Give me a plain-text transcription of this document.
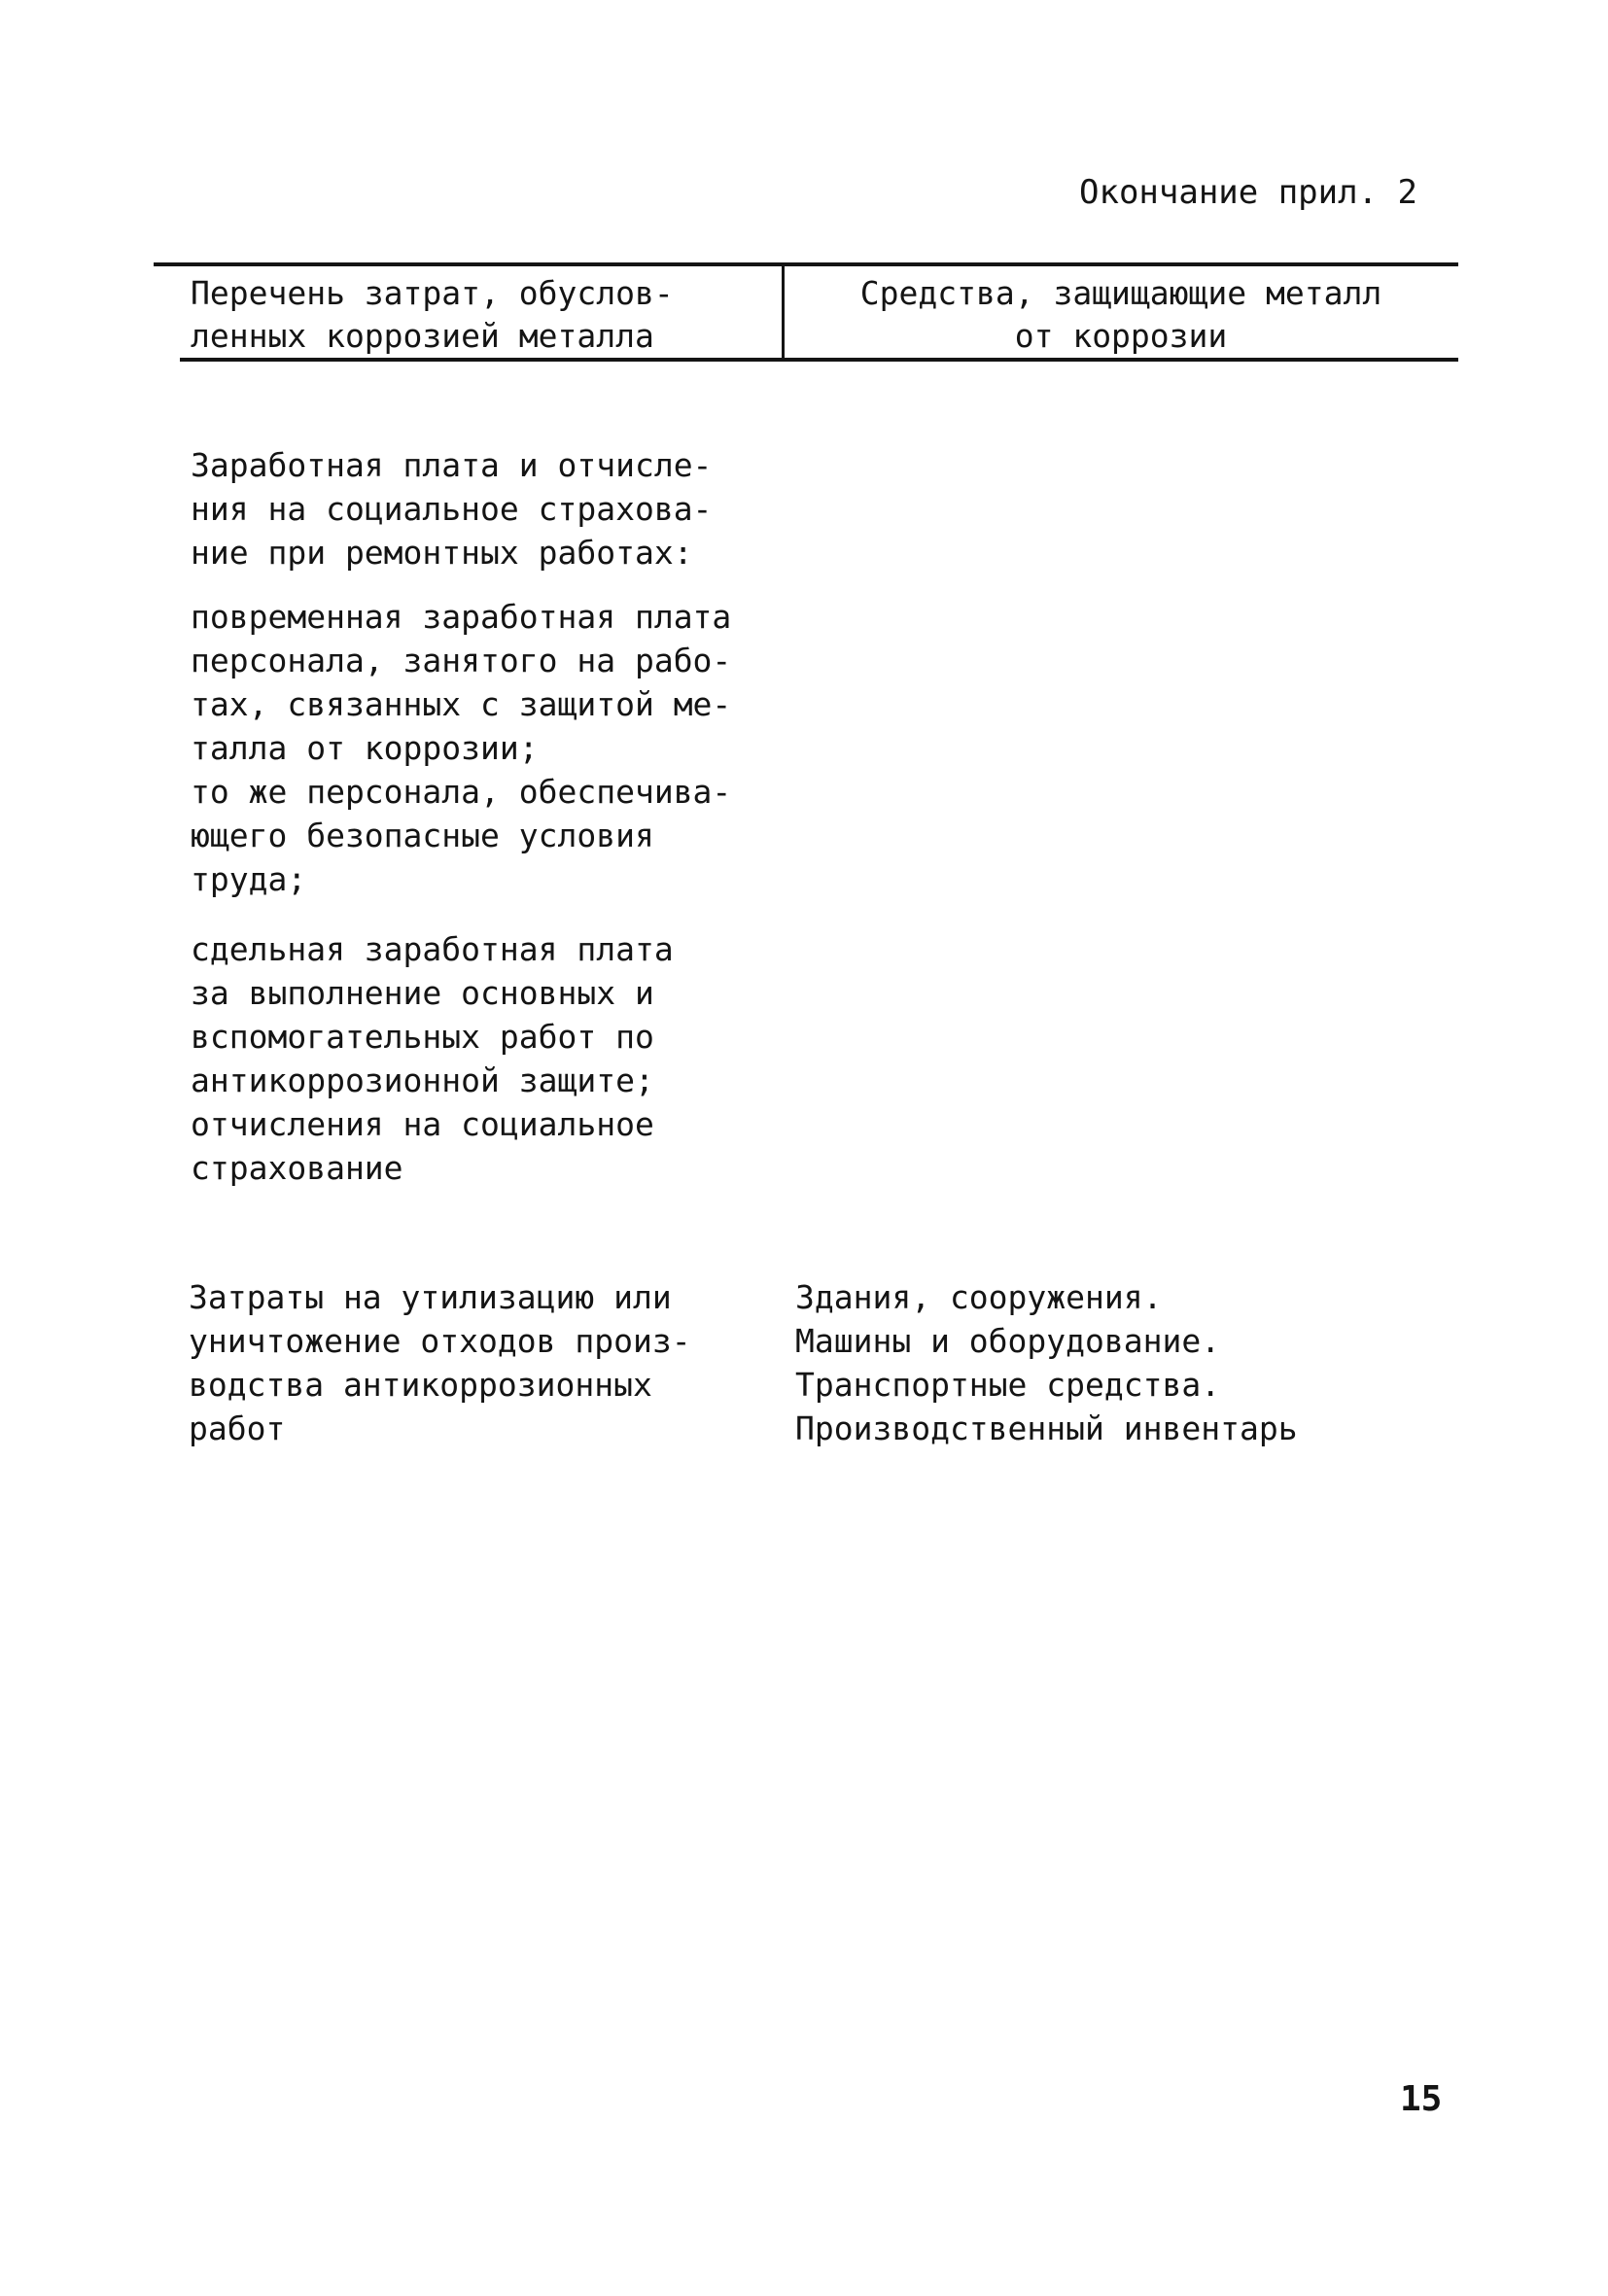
Окончание прил. 2
Перечень затрат, обуслов-
ленных коррозией металла
Средства, защищающие металл
от коррозии
Заработная плата и отчисле-
ния на социальное страхова-
ние при ремонтных работах:
повременная заработная плата
персонала, занятого на рабо-
тах, связанных с защитой ме-
талла от коррозии;
то же персонала, обеспечива-
ющего безопасные условия
труда;
сдельная заработная плата
за выполнение основных и
вспомогательных работ по
антикоррозионной защите;
отчисления на социальное
страхование
Затраты на утилизацию или
уничтожение отходов произ-
водства антикоррозионных
работ
Здания, сооружения.
Машины и оборудование.
Транспортные средства.
Производственный инвентарь
15
